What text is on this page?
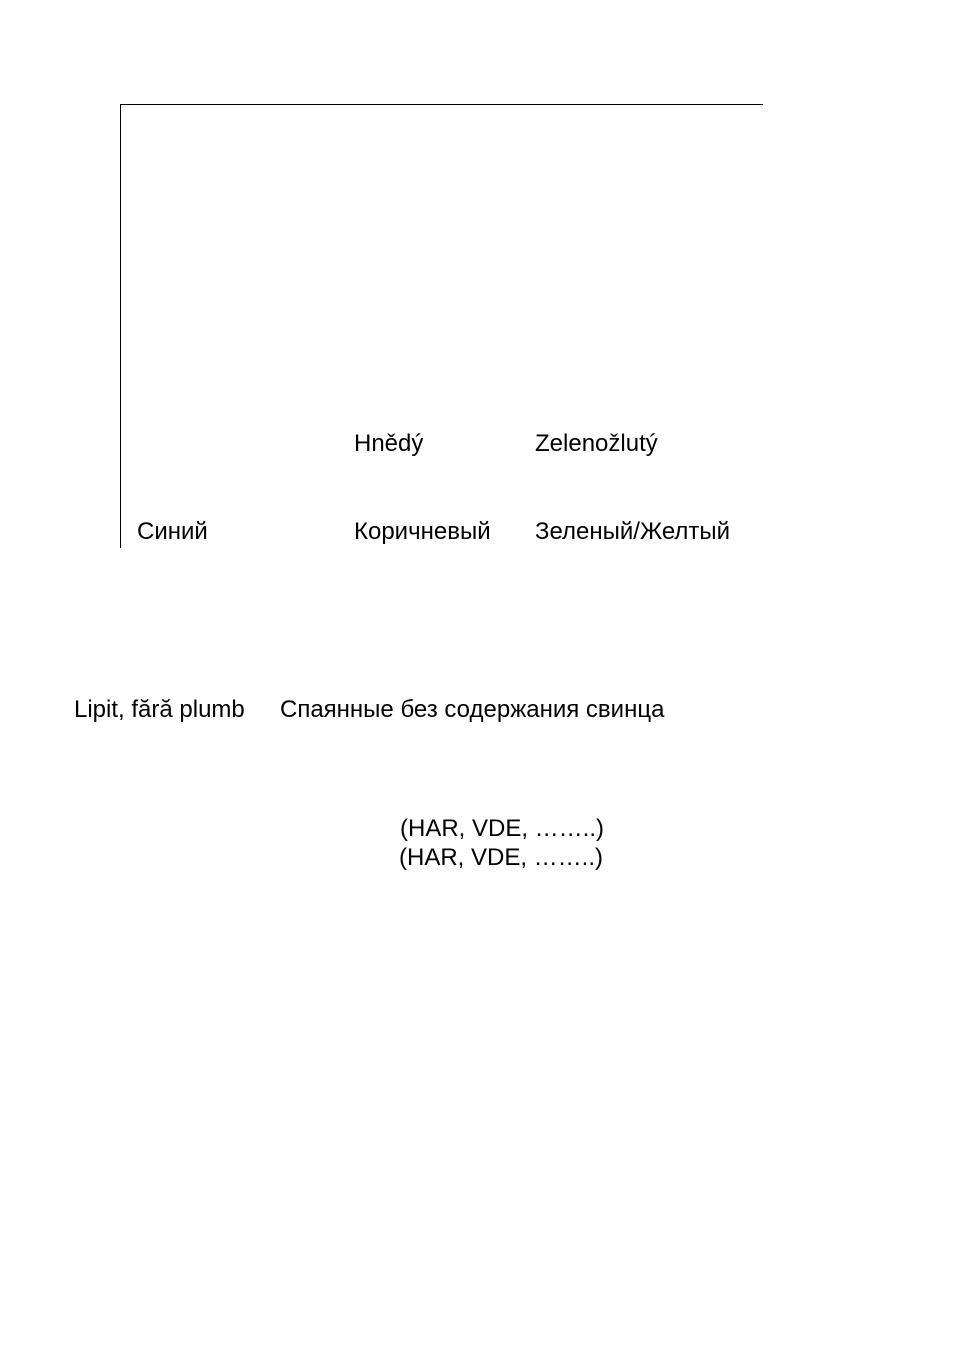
Hnědý	Zelenožlutý
Синий	Коричневый Зеленый/Желтый
Lipit, fără plumb Спаянные без содержания свинца
(HAR, VDE, ……..)
(HAR, VDE, ……..)
